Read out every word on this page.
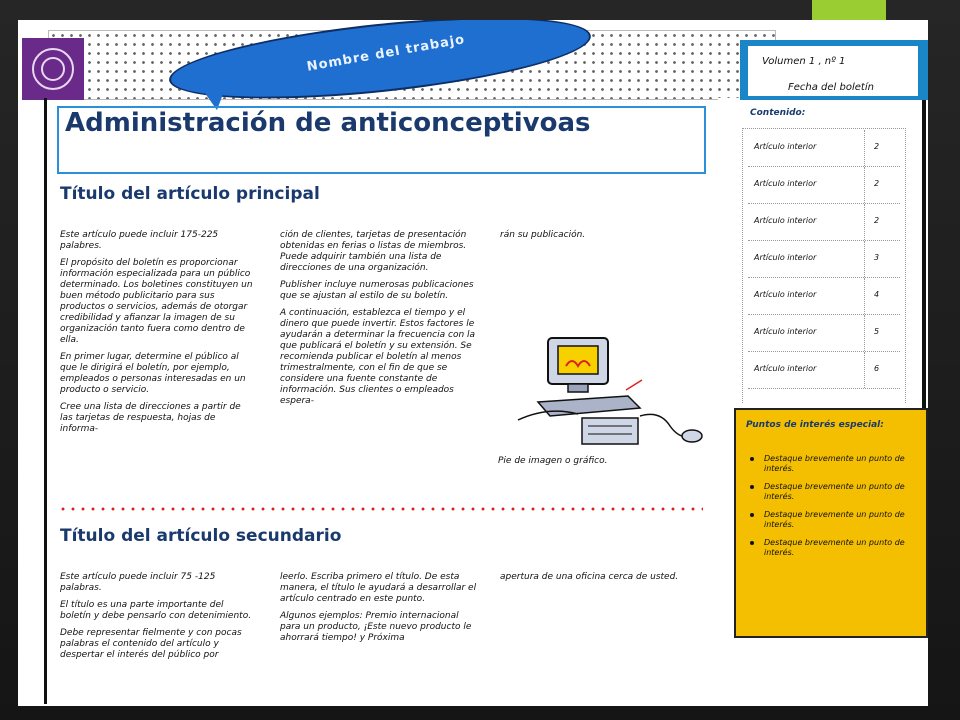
Nombre del trabajo
Administración de anticonceptivoas
Título del artículo principal

Este artículo puede incluir 175-225 palabres.

El propósito del boletín es proporcionar información especializada para un público determinado. Los boletines constituyen un buen método publicitario para sus productos o servicios, además de otorgar credibilidad y afianzar la imagen de su organización tanto fuera como dentro de ella.

En primer lugar, determine el público al que le dirigirá el boletín, por ejemplo, empleados o personas interesadas en un producto o servicio.

Cree una lista de direcciones a partir de las tarjetas de respuesta, hojas de informa-

ción de clientes, tarjetas de presentación obtenidas en ferias o listas de miembros. Puede adquirir también una lista de direcciones de una organización.

Publisher incluye numerosas publicaciones que se ajustan al estilo de su boletín.

A continuación, establezca el tiempo y el dinero que puede invertir. Estos factores le ayudarán a determinar la frecuencia con la que publicará el boletín y su extensión. Se recomienda publicar el boletín al menos trimestralmente, con el fin de que se considere una fuente constante de información. Sus clientes o empleados espera-

rán su publicación.

Pie de imagen o gráfico.
Título del artículo secundario

Este artículo puede incluir 75 -125 palabras.

El título es una parte importante del boletín y debe pensarlo con detenimiento.

Debe representar fielmente y con pocas palabras el contenido del artículo y despertar el interés del público por

leerlo. Escriba primero el título. De esta manera, el título le ayudará a desarrollar el artículo centrado en este punto.

Algunos ejemplos: Premio internacional para un producto, ¡Este nuevo producto le ahorrará tiempo! y Próxima

apertura de una oficina cerca de usted.

Volumen 1 , nº 1
Fecha del boletín
Contenido:
Artículo interior	2
Artículo interior	2
Artículo interior	2
Artículo interior	3
Artículo interior	4
Artículo interior	5
Artículo interior	6
Puntos de interés especial:
Destaque brevemente un punto de interés.
Destaque brevemente un punto de interés.
Destaque brevemente un punto de interés.
Destaque brevemente un punto de interés.
